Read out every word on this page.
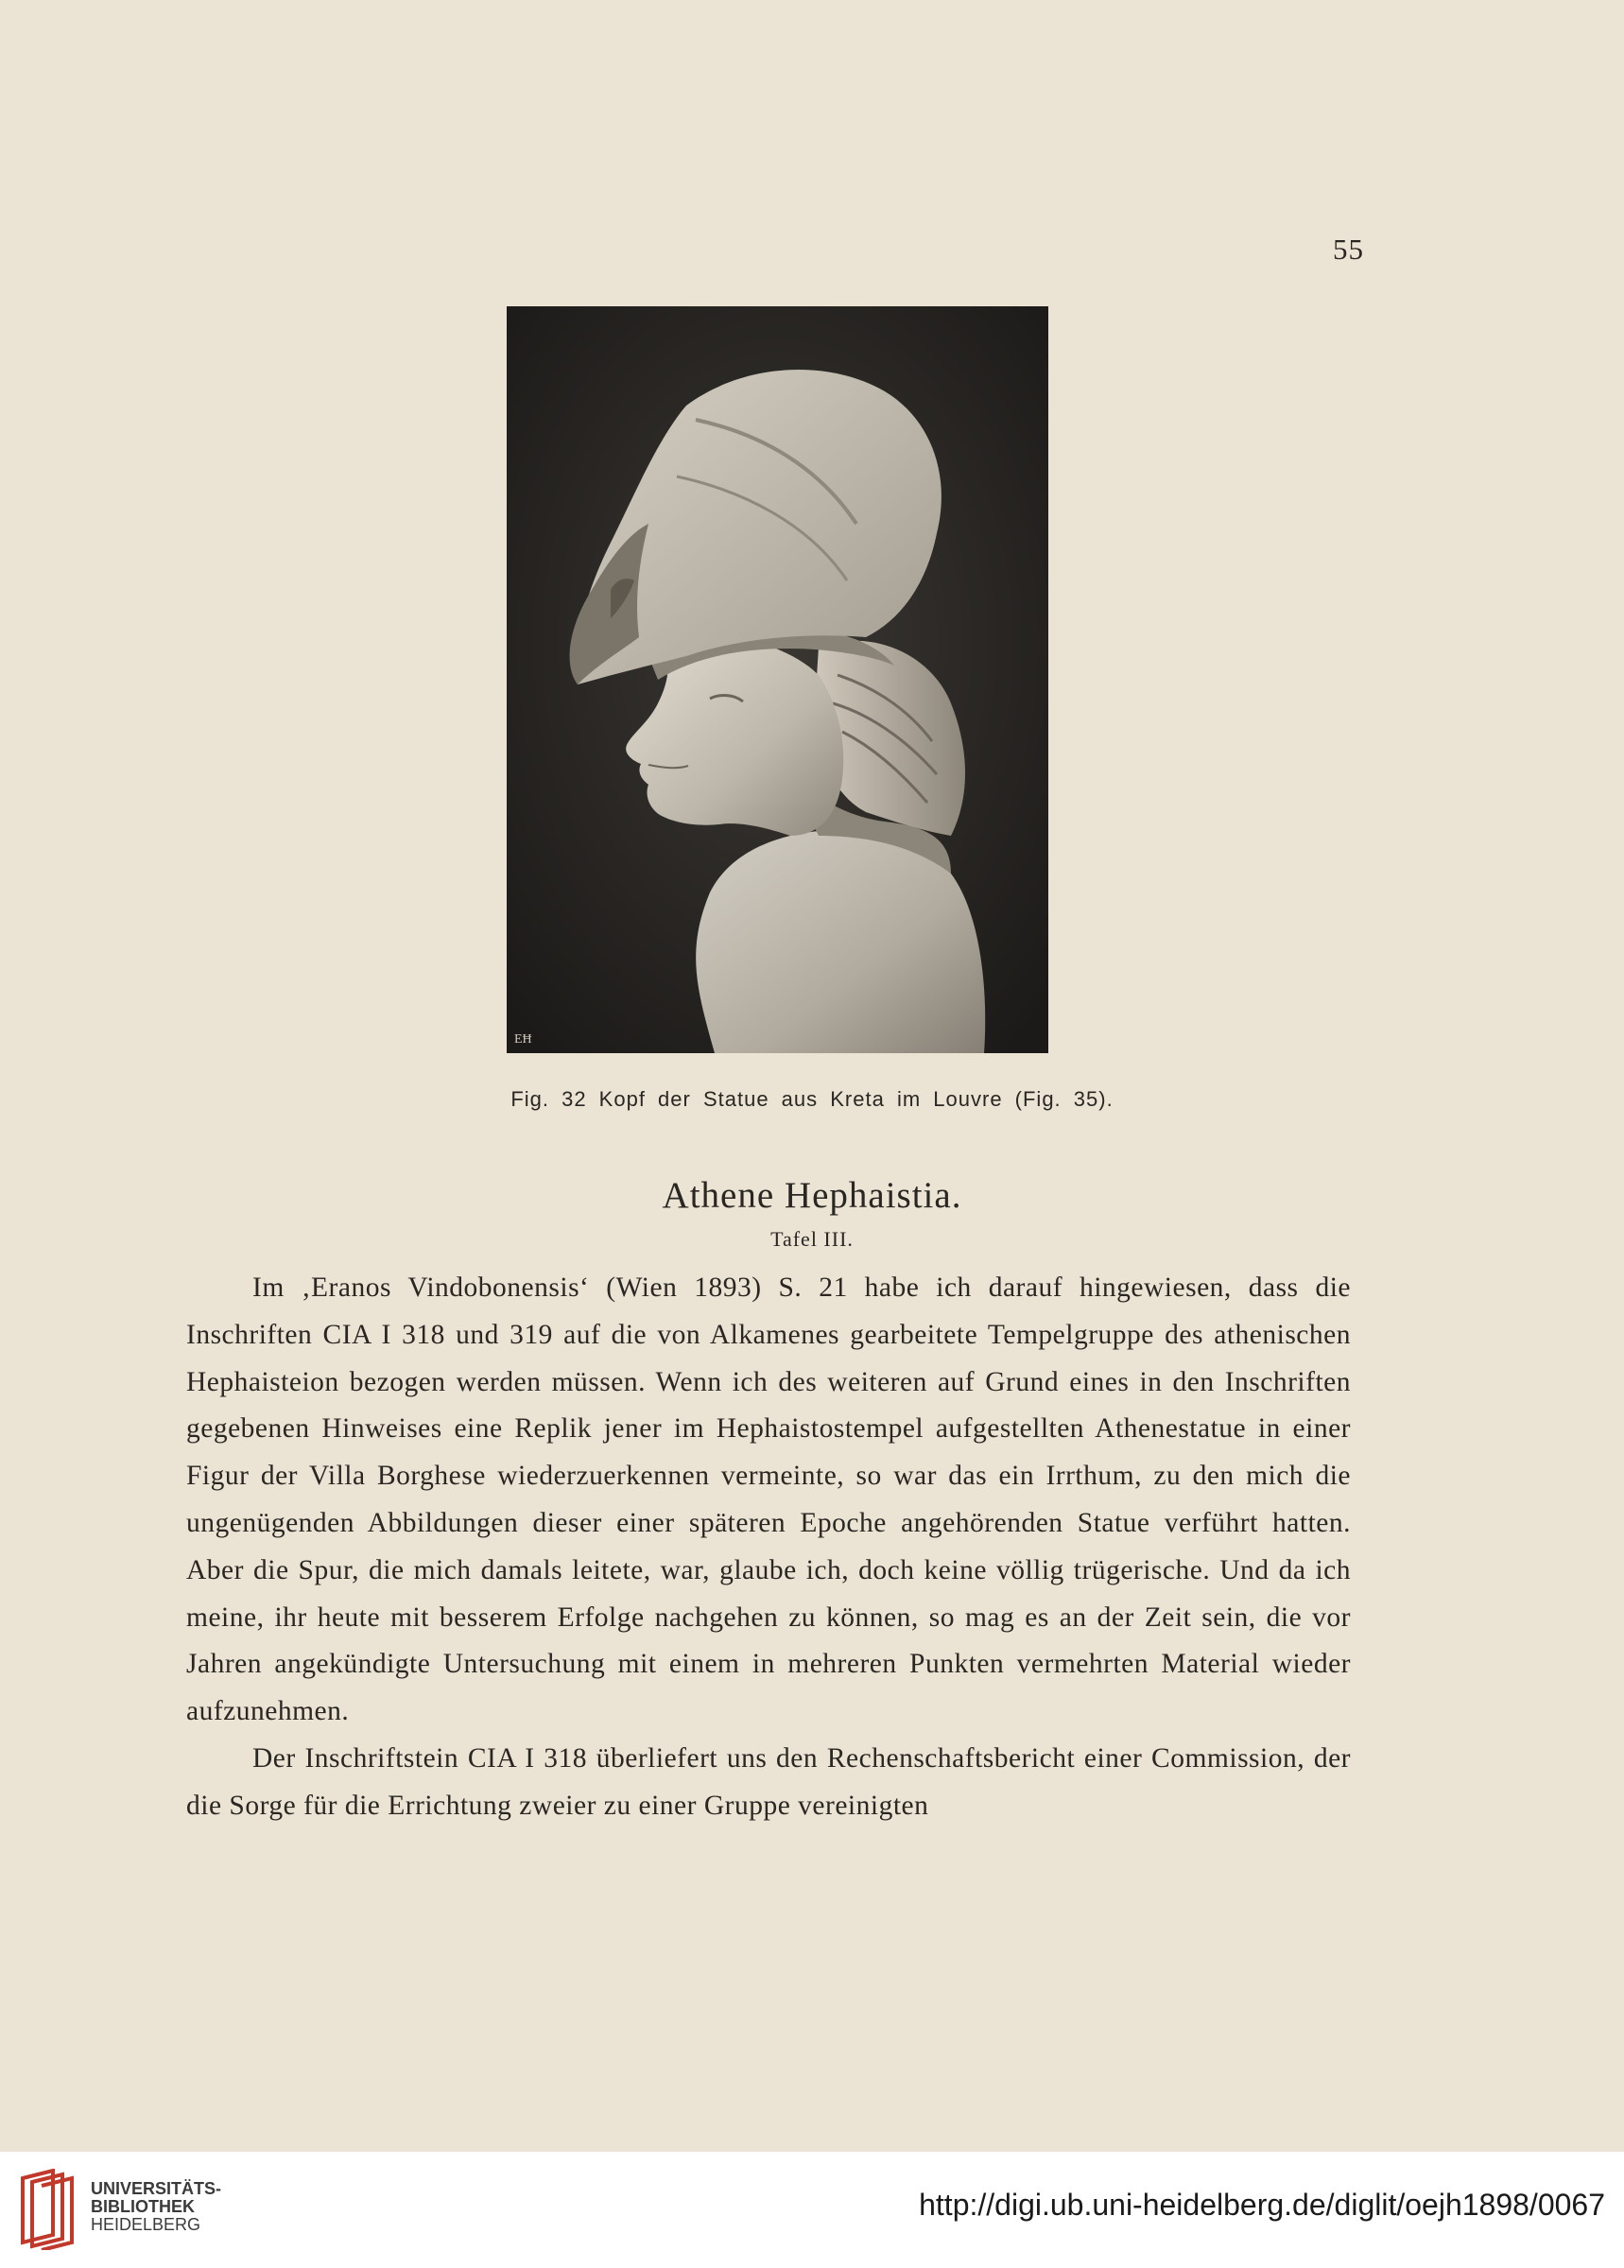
55

ЕĦ

Fig. 32 Kopf der Statue aus Kreta im Louvre (Fig. 35).

Athene Hephaistia.

Tafel III.

Im ‚Eranos Vindobonensis‘ (Wien 1893) S. 21 habe ich darauf hingewiesen, dass die Inschriften CIA I 318 und 319 auf die von Alkamenes gearbeitete Tempelgruppe des athenischen Hephaisteion bezogen werden müssen. Wenn ich des weiteren auf Grund eines in den Inschriften gegebenen Hinweises eine Replik jener im Hephaistostempel aufgestellten Athenestatue in einer Figur der Villa Borghese wiederzuerkennen vermeinte, so war das ein Irrthum, zu den mich die ungenügenden Abbildungen dieser einer späteren Epoche angehörenden Statue verführt hatten. Aber die Spur, die mich damals leitete, war, glaube ich, doch keine völlig trügerische. Und da ich meine, ihr heute mit besserem Erfolge nachgehen zu können, so mag es an der Zeit sein, die vor Jahren angekündigte Untersuchung mit einem in mehreren Punkten vermehrten Material wieder aufzunehmen.

Der Inschriftstein CIA I 318 überliefert uns den Rechenschaftsbericht einer Commission, der die Sorge für die Errichtung zweier zu einer Gruppe vereinigten

UNIVERSITÄTS-
BIBLIOTHEK
HEIDELBERG

http://digi.ub.uni-heidelberg.de/diglit/oejh1898/0067
